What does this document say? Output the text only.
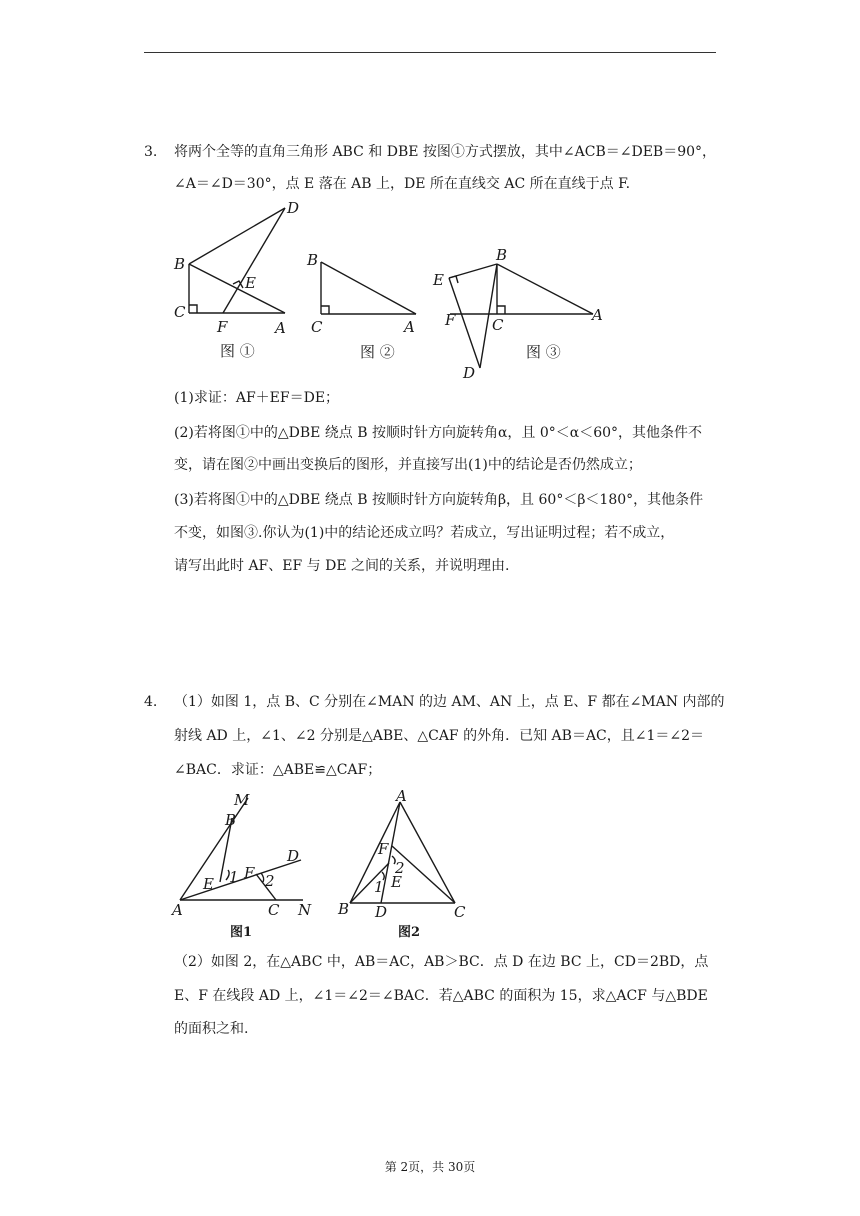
3. 将两个全等的直角三角形 ABC 和 DBE 按图①方式摆放，其中∠ACB＝∠DEB＝90°，
∠A＝∠D＝30°，点 E 落在 AB 上，DE 所在直线交 AC 所在直线于点 F.
D
B
E
C
F	A
图 ①
B
C	A
图 ②
B
E
F C
A
D
图 ③
(1)求证：AF＋EF＝DE；
(2)若将图①中的△DBE 绕点 B 按顺时针方向旋转角α，且 0°＜α＜60°，其他条件不
变，请在图②中画出变换后的图形，并直接写出(1)中的结论是否仍然成立；
(3)若将图①中的△DBE 绕点 B 按顺时针方向旋转角β，且 60°＜β＜180°，其他条件
不变，如图③.你认为(1)中的结论还成立吗？若成立，写出证明过程；若不成立，
请写出此时 AF、EF 与 DE 之间的关系，并说明理由.
4. （1）如图 1，点 B、C 分别在∠MAN 的边 AM、AN 上，点 E、F 都在∠MAN 内部的
射线 AD 上，∠1、∠2 分别是△ABE、△CAF 的外角．已知 AB＝AC，且∠1＝∠2＝
∠BAC．求证：△ABE≌△CAF；
M
B
D
F
E 1 2
A	C N
图1
A
F
2
E
1
B D	C
图2
（2）如图 2，在△ABC 中，AB＝AC，AB＞BC．点 D 在边 BC 上，CD＝2BD，点
E、F 在线段 AD 上，∠1＝∠2＝∠BAC．若△ABC 的面积为 15，求△ACF 与△BDE
的面积之和.
第 2页，共 30页
